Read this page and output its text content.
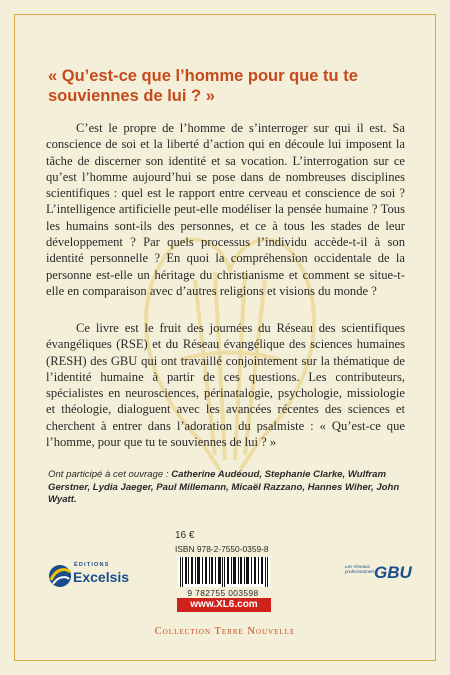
« Qu’est-ce que l’homme pour que tu te souviennes de lui ? »

C’est le propre de l’homme de s’interroger sur qui il est. Sa conscience de soi et la liberté d’action qui en découle lui imposent la tâche de discerner son identité et sa vocation. L’interrogation sur ce qu’est l’homme aujourd’hui se pose dans de nombreuses disciplines scientifiques : quel est le rapport entre cerveau et conscience de soi ? L’intelligence artificielle peut-elle modéliser la pensée humaine ? Tous les humains sont-ils des personnes, et ce à tous les stades de leur développement ? Par quels processus l’individu accède-t-il à son identité personnelle ? En quoi la compréhension occidentale de la personne est-elle un héritage du christianisme et comment se situe-t-elle en comparaison avec d’autres religions et visions du monde ?

Ce livre est le fruit des journées du Réseau des scientifiques évangéliques (RSE) et du Réseau évangélique des sciences humaines (RESH) des GBU qui ont travaillé conjointement sur la thématique de l’identité humaine à partir de ces questions. Les contributeurs, spécialistes en neurosciences, périnatalogie, psychologie, missiologie et théologie, dialoguent avec les avancées récentes des sciences et cherchent à entrer dans l’adoration du psalmiste : « Qu’est-ce que l’homme, pour que tu te souviennes de lui ? »

Ont participé à cet ouvrage : Catherine Audéoud, Stephanie Clarke, Wulfram Gerstner, Lydia Jaeger, Paul Millemann, Micaël Razzano, Hannes Wiher, John Wyatt.
ÉDITIONS
Excelsis
16 €
ISBN 978-2-7550-0359-8
9 782755 003598
www.XL6.com
Les réseaux professionnels GBU
Collection Terre Nouvelle
